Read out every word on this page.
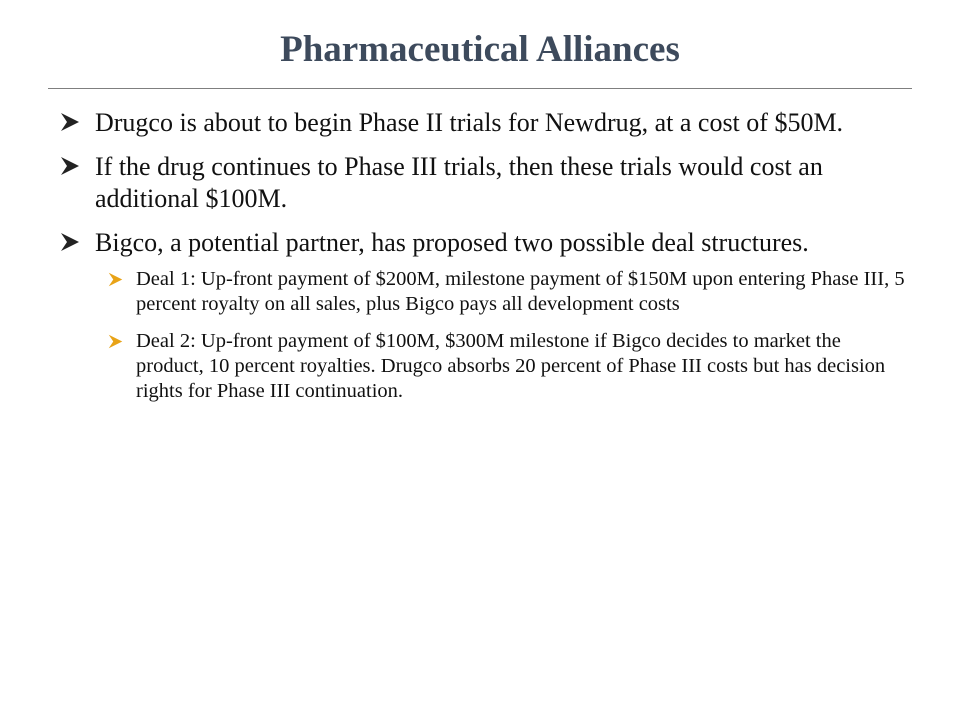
Pharmaceutical Alliances
Drugco is about to begin Phase II trials for Newdrug, at a cost of $50M.
If the drug continues to Phase III trials, then these trials would cost an additional $100M.
Bigco, a potential partner, has proposed two possible deal structures.
Deal 1: Up-front payment of $200M, milestone payment of $150M upon entering Phase III, 5 percent royalty on all sales, plus Bigco pays all development costs
Deal 2: Up-front payment of $100M, $300M milestone if Bigco decides to market the product, 10 percent royalties. Drugco absorbs 20 percent of Phase III costs but has decision rights for Phase III continuation.
